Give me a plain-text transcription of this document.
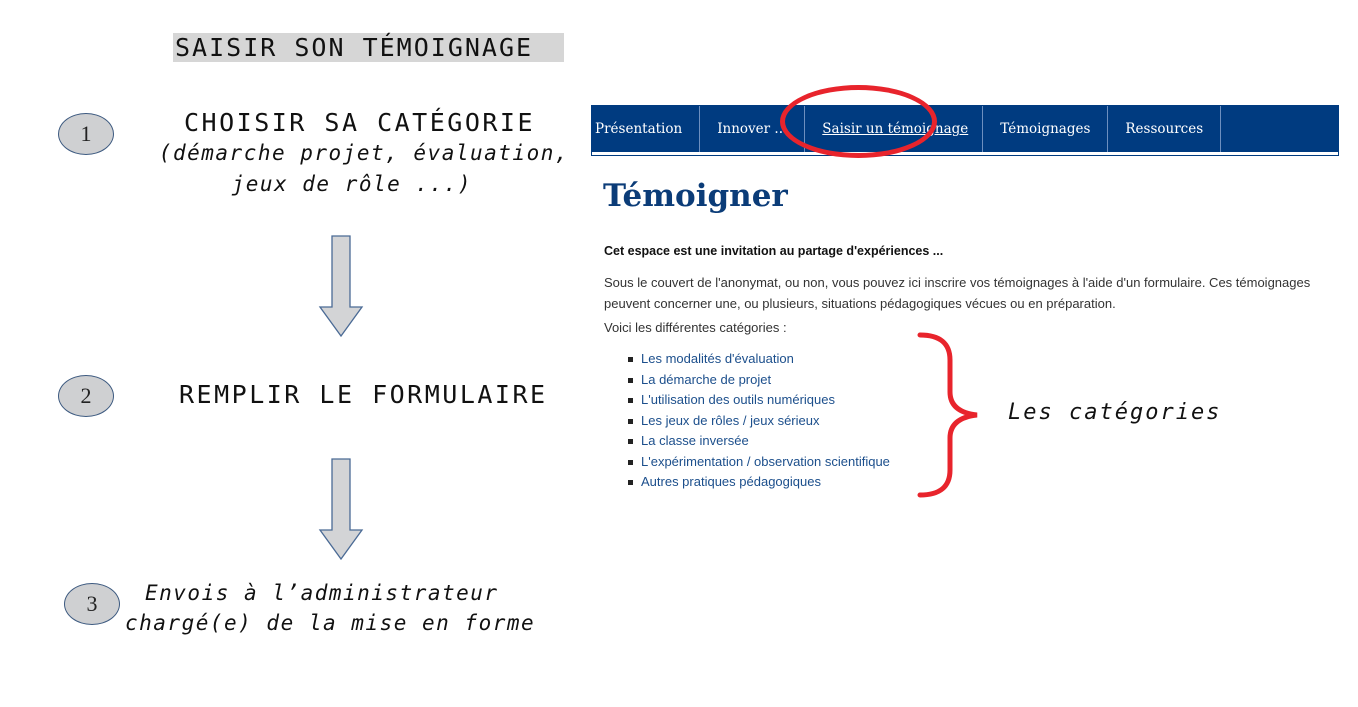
SAISIR SON TÉMOIGNAGE
1	CHOISIR SA CATÉGORIE
(démarche projet, évaluation,
jeux de rôle ...)
2	REMPLIR LE FORMULAIRE
3	Envois à l’administrateur
chargé(e) de la mise en forme
Présentation	Innover ...	Saisir un témoignage Témoignages	Ressources
Témoigner
Cet espace est une invitation au partage d'expériences ...

Sous le couvert de l'anonymat, ou non, vous pouvez ici inscrire vos témoignages à l'aide d'un formulaire. Ces témoignages peuvent concerner une, ou plusieurs, situations pédagogiques vécues ou en préparation.

Voici les différentes catégories :
Les modalités d'évaluation
La démarche de projet
L'utilisation des outils numériques
Les jeux de rôles / jeux sérieux
La classe inversée
L'expérimentation / observation scientifique
Autres pratiques pédagogiques
Les catégories
